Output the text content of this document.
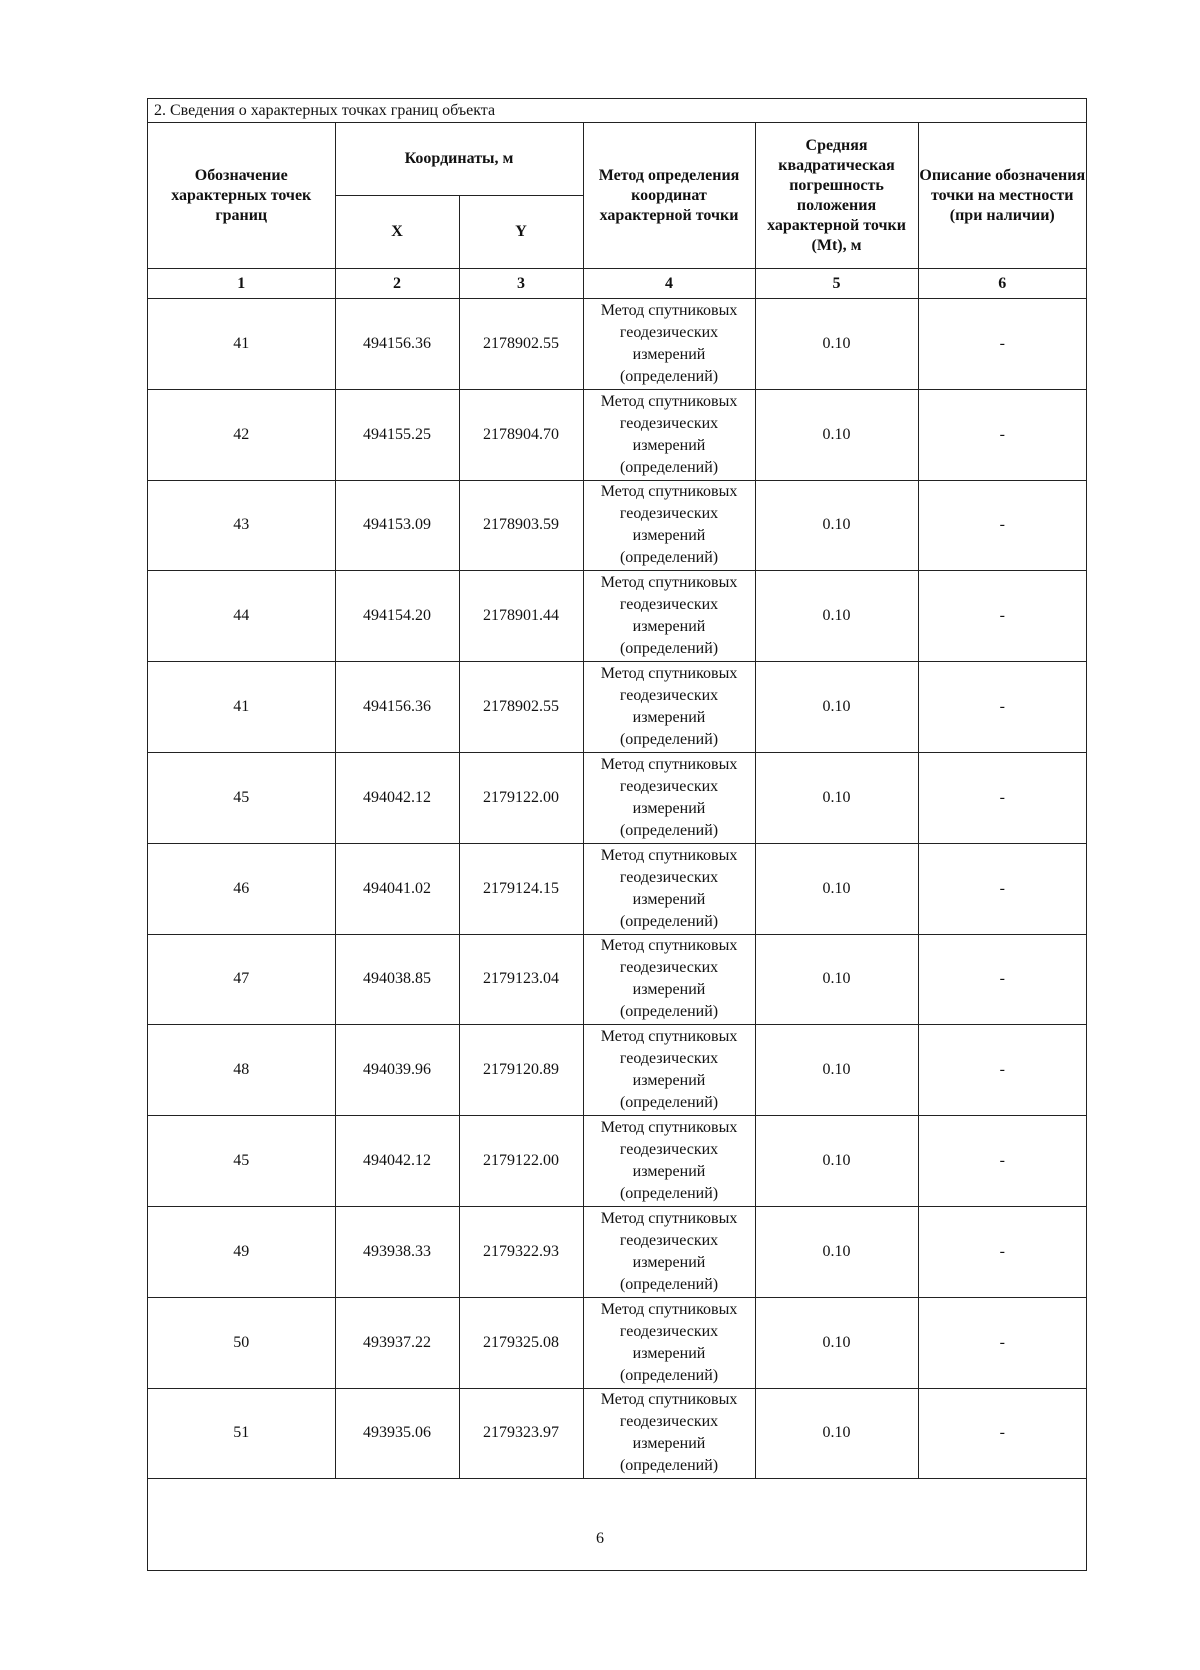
2. Сведения о характерных точках границ объекта
Обозначение характерных точек границ	Координаты, м		Метод определения координат характерной точки	Средняя квадратическая погрешность положения характерной точки (Mt), м	Описание обозначения точки на местности (при наличии)
	X	Y			
1	2	3	4	5	6
41	494156.36	2178902.55	Метод спутниковых геодезических измерений (определений)	0.10	-
42	494155.25	2178904.70	Метод спутниковых геодезических измерений (определений)	0.10	-
43	494153.09	2178903.59	Метод спутниковых геодезических измерений (определений)	0.10	-
44	494154.20	2178901.44	Метод спутниковых геодезических измерений (определений)	0.10	-
41	494156.36	2178902.55	Метод спутниковых геодезических измерений (определений)	0.10	-
45	494042.12	2179122.00	Метод спутниковых геодезических измерений (определений)	0.10	-
46	494041.02	2179124.15	Метод спутниковых геодезических измерений (определений)	0.10	-
47	494038.85	2179123.04	Метод спутниковых геодезических измерений (определений)	0.10	-
48	494039.96	2179120.89	Метод спутниковых геодезических измерений (определений)	0.10	-
45	494042.12	2179122.00	Метод спутниковых геодезических измерений (определений)	0.10	-
49	493938.33	2179322.93	Метод спутниковых геодезических измерений (определений)	0.10	-
50	493937.22	2179325.08	Метод спутниковых геодезических измерений (определений)	0.10	-
51	493935.06	2179323.97	Метод спутниковых геодезических измерений (определений)	0.10	-

6
